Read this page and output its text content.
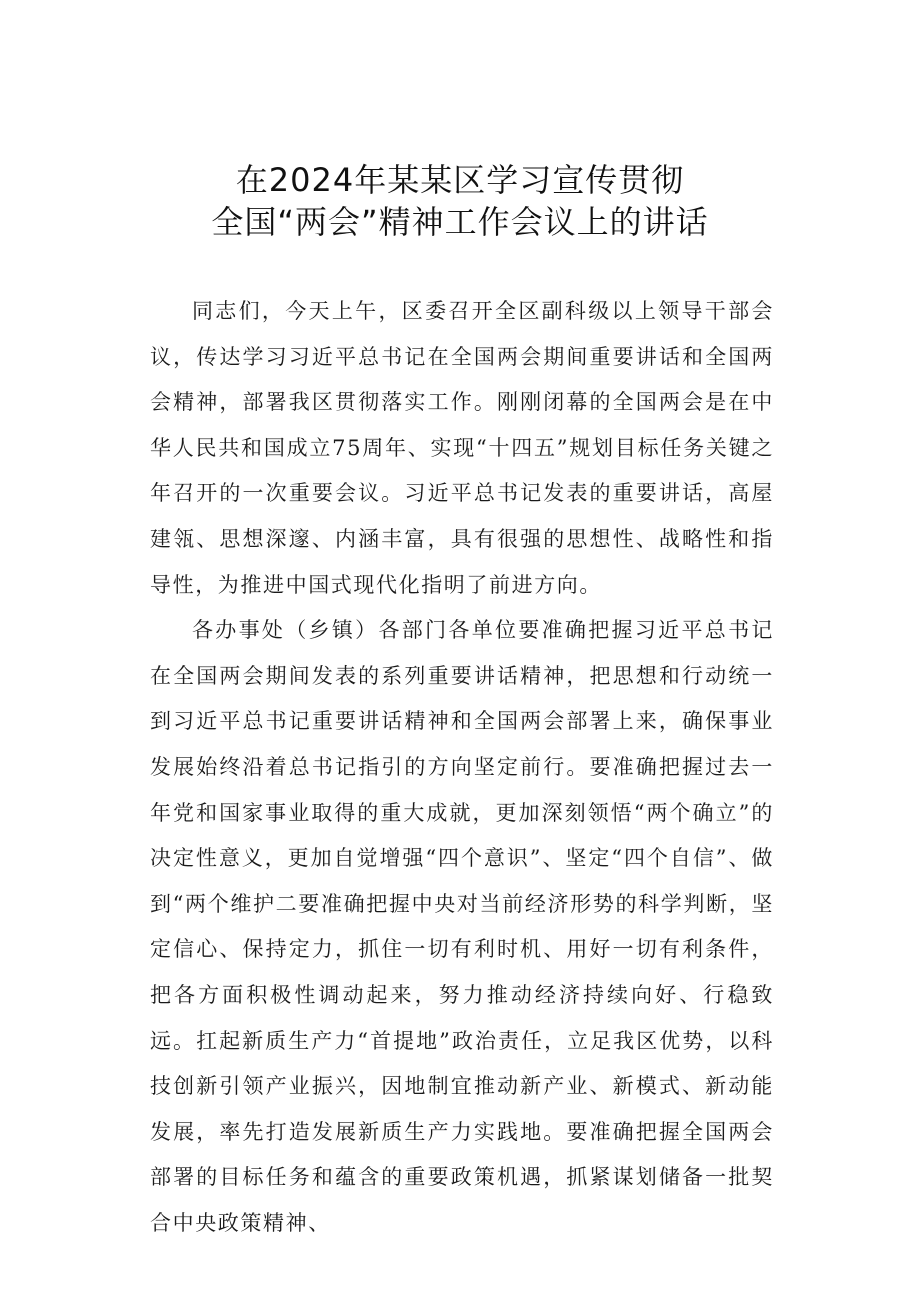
在2024年某某区学习宣传贯彻
全国“两会”精神工作会议上的讲话

同志们，今天上午，区委召开全区副科级以上领导干部会议，传达学习习近平总书记在全国两会期间重要讲话和全国两会精神，部署我区贯彻落实工作。刚刚闭幕的全国两会是在中华人民共和国成立75周年、实现“十四五”规划目标任务关键之年召开的一次重要会议。习近平总书记发表的重要讲话，高屋建瓴、思想深邃、内涵丰富，具有很强的思想性、战略性和指导性，为推进中国式现代化指明了前进方向。

各办事处（乡镇）各部门各单位要准确把握习近平总书记在全国两会期间发表的系列重要讲话精神，把思想和行动统一到习近平总书记重要讲话精神和全国两会部署上来，确保事业发展始终沿着总书记指引的方向坚定前行。要准确把握过去一年党和国家事业取得的重大成就，更加深刻领悟“两个确立”的决定性意义，更加自觉增强“四个意识”、坚定“四个自信”、做到“两个维护二要准确把握中央对当前经济形势的科学判断，坚定信心、保持定力，抓住一切有利时机、用好一切有利条件，把各方面积极性调动起来，努力推动经济持续向好、行稳致远。扛起新质生产力“首提地”政治责任，立足我区优势，以科技创新引领产业振兴，因地制宜推动新产业、新模式、新动能发展，率先打造发展新质生产力实践地。要准确把握全国两会部署的目标任务和蕴含的重要政策机遇，抓紧谋划储备一批契合中央政策精神、
